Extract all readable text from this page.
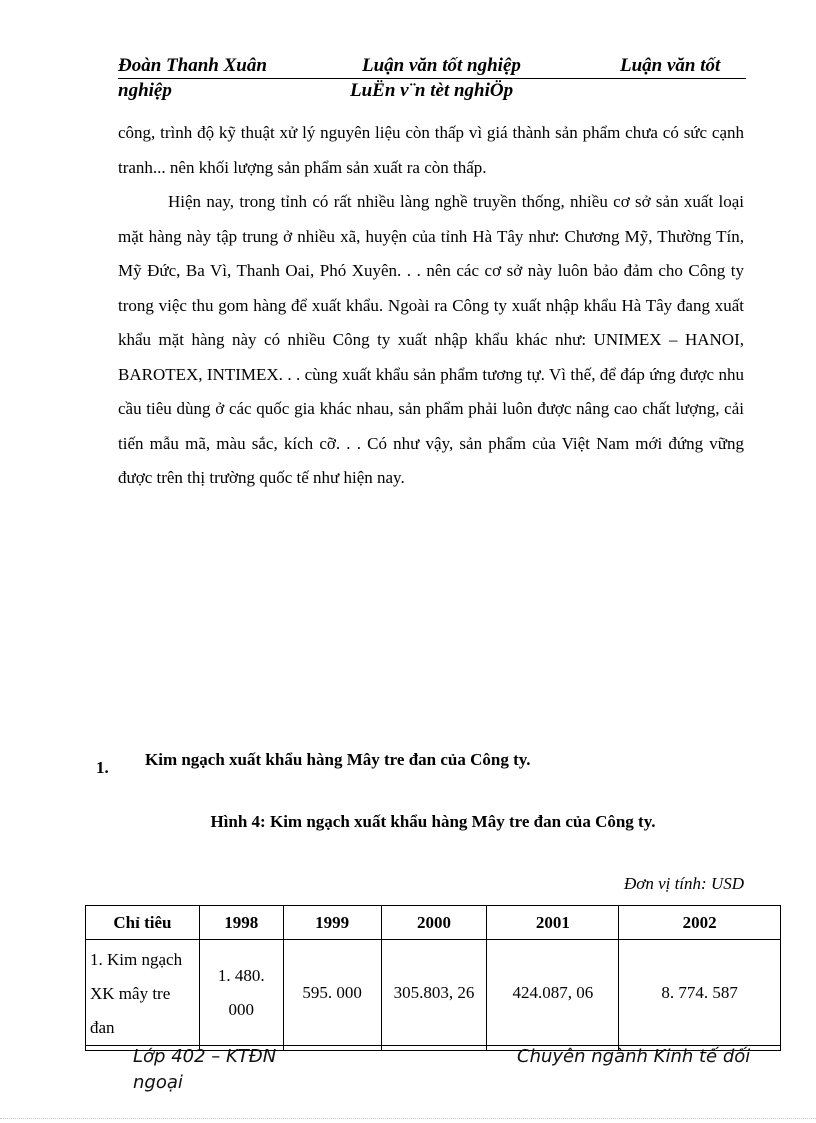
Đoàn Thanh Xuân	Luận văn tốt nghiệp	Luận văn tốt
nghiệp	LuËn v¨n tèt nghiÖp

công, trình độ kỹ thuật xử lý nguyên liệu còn thấp vì giá thành sản phẩm chưa có sức cạnh tranh... nên khối lượng sản phẩm sản xuất ra còn thấp.

Hiện nay, trong tỉnh có rất nhiều làng nghề truyền thống, nhiều cơ sở sản xuất loại mặt hàng này tập trung ở nhiều xã, huyện của tỉnh Hà Tây như: Chương Mỹ, Thường Tín, Mỹ Đức, Ba Vì, Thanh Oai, Phó Xuyên. . . nên các cơ sở này luôn bảo đảm cho Công ty trong việc thu gom hàng để xuất khẩu. Ngoài ra Công ty xuất nhập khẩu Hà Tây đang xuất khẩu mặt hàng này có nhiều Công ty xuất nhập khẩu khác như: UNIMEX – HANOI, BAROTEX, INTIMEX. . . cùng xuất khẩu sản phẩm tương tự. Vì thế, để đáp ứng được nhu cầu tiêu dùng ở các quốc gia khác nhau, sản phẩm phải luôn được nâng cao chất lượng, cải tiến mẫu mã, màu sắc, kích cỡ. . . Có như vậy, sản phẩm của Việt Nam mới đứng vững được trên thị trường quốc tế như hiện nay.

1. Kim ngạch xuất khẩu hàng Mây tre đan của Công ty.
Hình 4: Kim ngạch xuất khẩu hàng Mây tre đan của Công ty.
Đơn vị tính: USD
Chỉ tiêu	1998	1999	2000	2001	2002

1. Kim ngạch
XK mây tre
đan	1. 480. 000	595. 000	305.803, 26	424.087, 06	8. 774. 587

Lớp 402 – KTĐN
ngoại
Chuyên ngành Kinh tế đối
